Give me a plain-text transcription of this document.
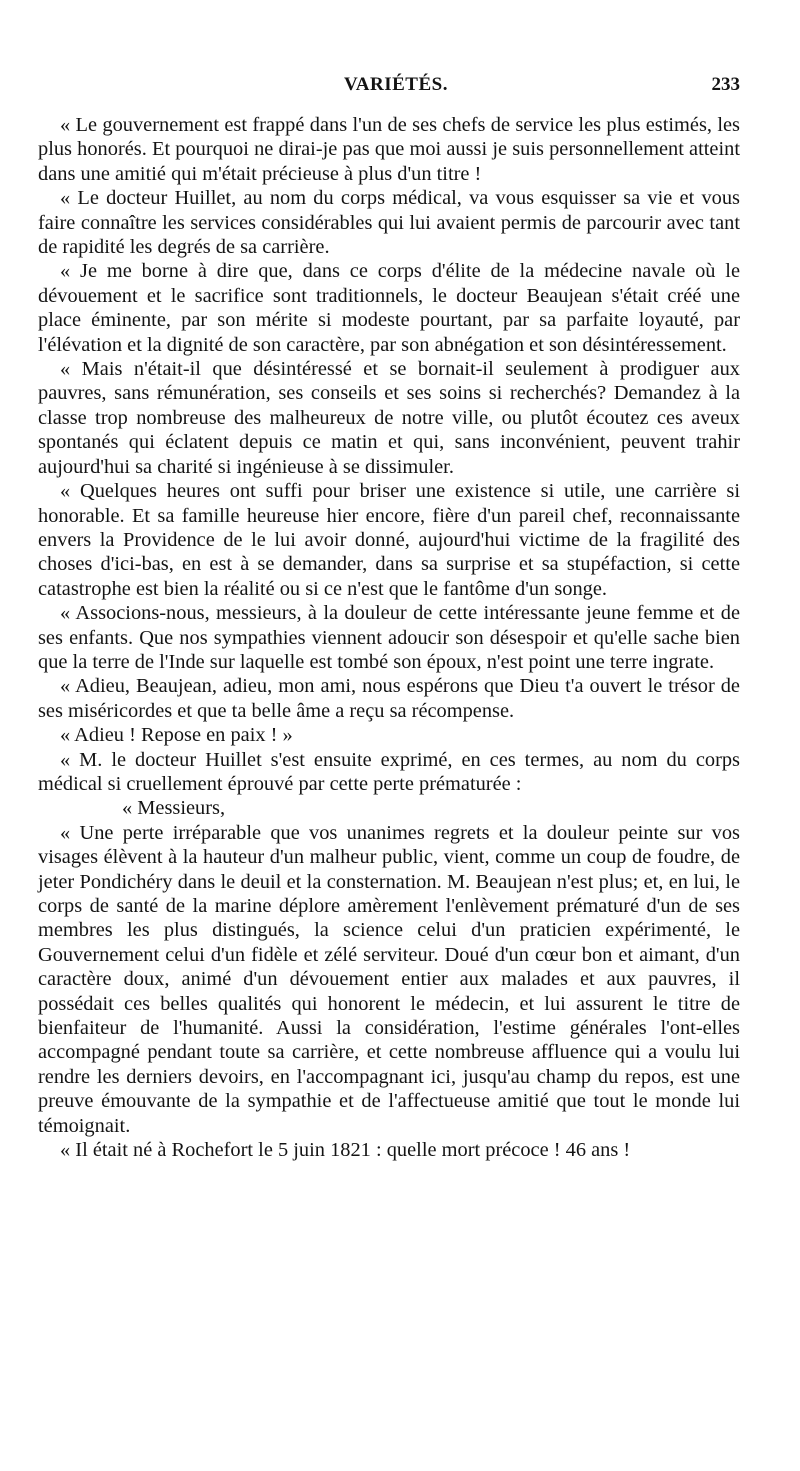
VARIÉTÉS.	233

« Le gouvernement est frappé dans l'un de ses chefs de service les plus estimés, les plus honorés. Et pourquoi ne dirai-je pas que moi aussi je suis personnellement atteint dans une amitié qui m'était précieuse à plus d'un titre !

« Le docteur Huillet, au nom du corps médical, va vous esquisser sa vie et vous faire connaître les services considérables qui lui avaient permis de parcourir avec tant de rapidité les degrés de sa carrière.

« Je me borne à dire que, dans ce corps d'élite de la médecine navale où le dévouement et le sacrifice sont traditionnels, le docteur Beaujean s'était créé une place éminente, par son mérite si modeste pourtant, par sa parfaite loyauté, par l'élévation et la dignité de son caractère, par son abnégation et son désintéressement.

« Mais n'était-il que désintéressé et se bornait-il seulement à prodiguer aux pauvres, sans rémunération, ses conseils et ses soins si recherchés? Demandez à la classe trop nombreuse des malheureux de notre ville, ou plutôt écoutez ces aveux spontanés qui éclatent depuis ce matin et qui, sans inconvénient, peuvent trahir aujourd'hui sa charité si ingénieuse à se dissimuler.

« Quelques heures ont suffi pour briser une existence si utile, une carrière si honorable. Et sa famille heureuse hier encore, fière d'un pareil chef, reconnaissante envers la Providence de le lui avoir donné, aujourd'hui victime de la fragilité des choses d'ici-bas, en est à se demander, dans sa surprise et sa stupéfaction, si cette catastrophe est bien la réalité ou si ce n'est que le fantôme d'un songe.

« Associons-nous, messieurs, à la douleur de cette intéressante jeune femme et de ses enfants. Que nos sympathies viennent adoucir son désespoir et qu'elle sache bien que la terre de l'Inde sur laquelle est tombé son époux, n'est point une terre ingrate.

« Adieu, Beaujean, adieu, mon ami, nous espérons que Dieu t'a ouvert le trésor de ses miséricordes et que ta belle âme a reçu sa récompense.

« Adieu ! Repose en paix ! »

« M. le docteur Huillet s'est ensuite exprimé, en ces termes, au nom du corps médical si cruellement éprouvé par cette perte prématurée :

« Messieurs,

« Une perte irréparable que vos unanimes regrets et la douleur peinte sur vos visages élèvent à la hauteur d'un malheur public, vient, comme un coup de foudre, de jeter Pondichéry dans le deuil et la consternation. M. Beaujean n'est plus; et, en lui, le corps de santé de la marine déplore amèrement l'enlèvement prématuré d'un de ses membres les plus distingués, la science celui d'un praticien expérimenté, le Gouvernement celui d'un fidèle et zélé serviteur. Doué d'un cœur bon et aimant, d'un caractère doux, animé d'un dévouement entier aux malades et aux pauvres, il possédait ces belles qualités qui honorent le médecin, et lui assurent le titre de bienfaiteur de l'humanité. Aussi la considération, l'estime générales l'ont-elles accompagné pendant toute sa carrière, et cette nombreuse affluence qui a voulu lui rendre les derniers devoirs, en l'accompagnant ici, jusqu'au champ du repos, est une preuve émouvante de la sympathie et de l'affectueuse amitié que tout le monde lui témoignait.

« Il était né à Rochefort le 5 juin 1821 : quelle mort précoce ! 46 ans !
